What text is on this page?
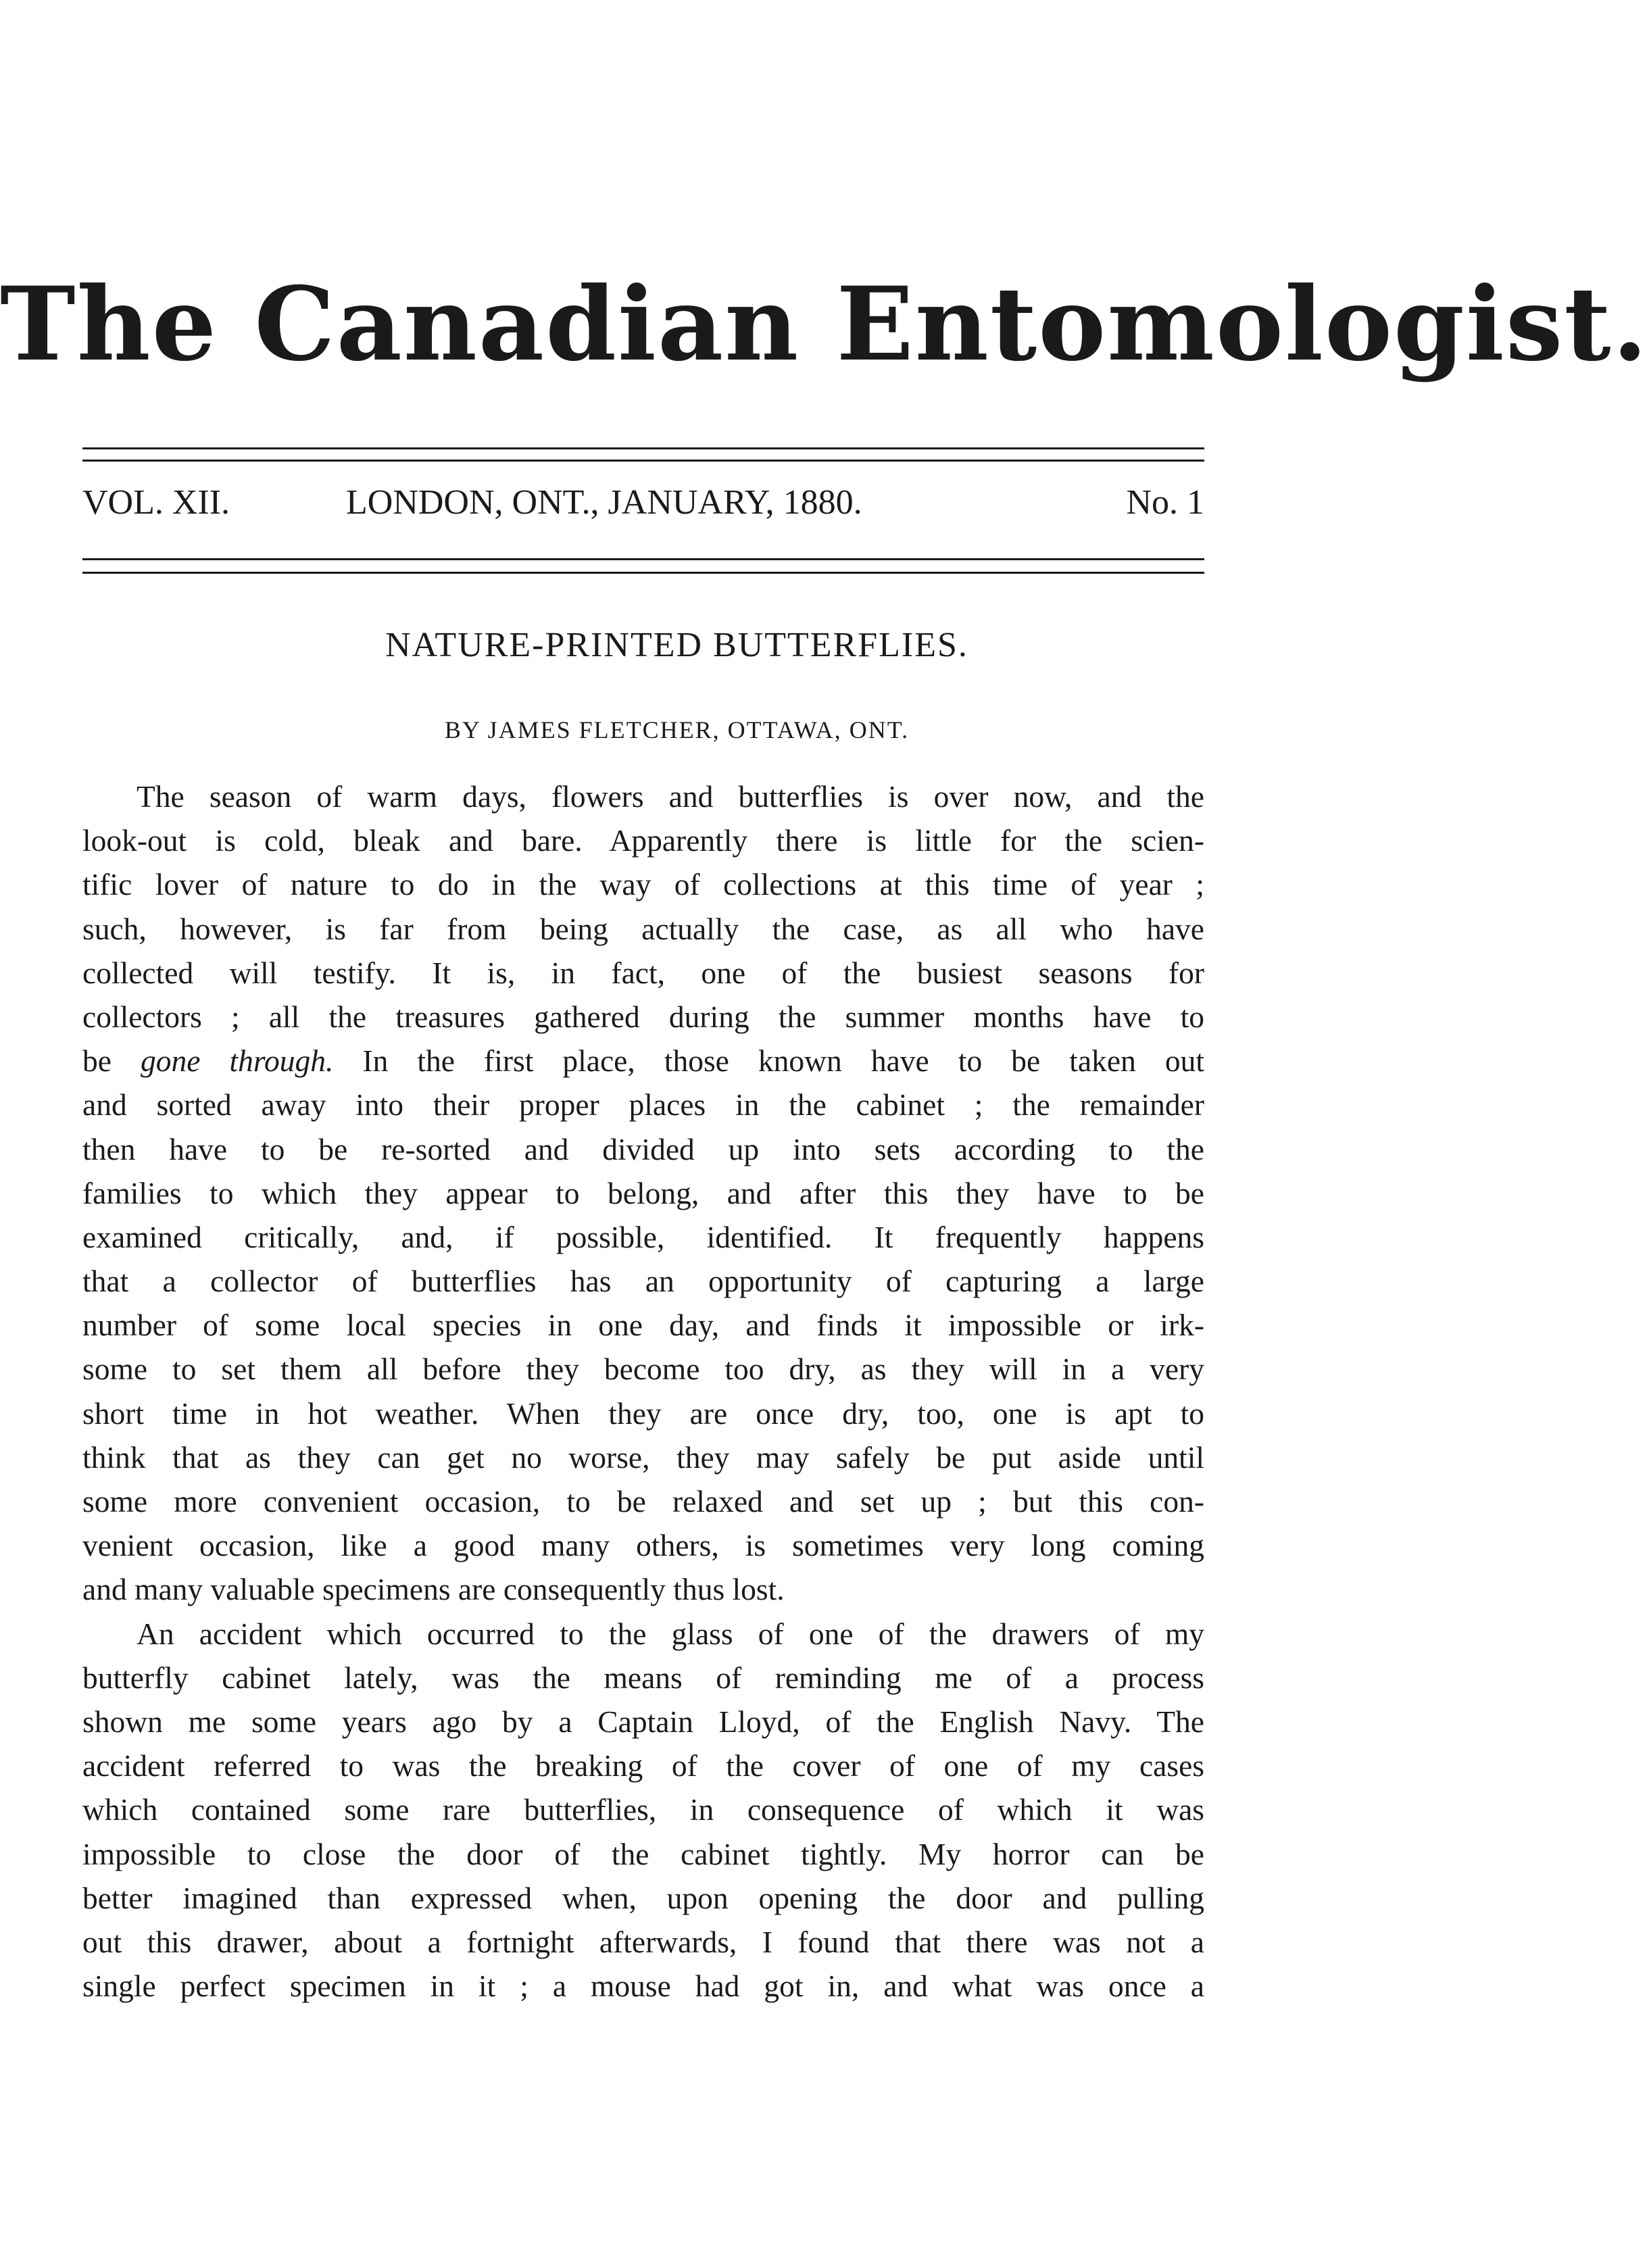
The Canadian Entomologist.
VOL. XII.	LONDON, ONT., JANUARY, 1880.	No. 1
NATURE-PRINTED BUTTERFLIES.
BY JAMES FLETCHER, OTTAWA, ONT.
The season of warm days, flowers and butterflies is over now, and the
look-out is cold, bleak and bare. Apparently there is little for the scien-
tific lover of nature to do in the way of collections at this time of year ;
such, however, is far from being actually the case, as all who have
collected will testify. It is, in fact, one of the busiest seasons for
collectors ; all the treasures gathered during the summer months have to
be gone through. In the first place, those known have to be taken out
and sorted away into their proper places in the cabinet ; the remainder
then have to be re-sorted and divided up into sets according to the
families to which they appear to belong, and after this they have to be
examined critically, and, if possible, identified. It frequently happens
that a collector of butterflies has an opportunity of capturing a large
number of some local species in one day, and finds it impossible or irk-
some to set them all before they become too dry, as they will in a very
short time in hot weather. When they are once dry, too, one is apt to
think that as they can get no worse, they may safely be put aside until
some more convenient occasion, to be relaxed and set up ; but this con-
venient occasion, like a good many others, is sometimes very long coming
and many valuable specimens are consequently thus lost.
An accident which occurred to the glass of one of the drawers of my
butterfly cabinet lately, was the means of reminding me of a process
shown me some years ago by a Captain Lloyd, of the English Navy. The
accident referred to was the breaking of the cover of one of my cases
which contained some rare butterflies, in consequence of which it was
impossible to close the door of the cabinet tightly. My horror can be
better imagined than expressed when, upon opening the door and pulling
out this drawer, about a fortnight afterwards, I found that there was not a
single perfect specimen in it ; a mouse had got in, and what was once a
